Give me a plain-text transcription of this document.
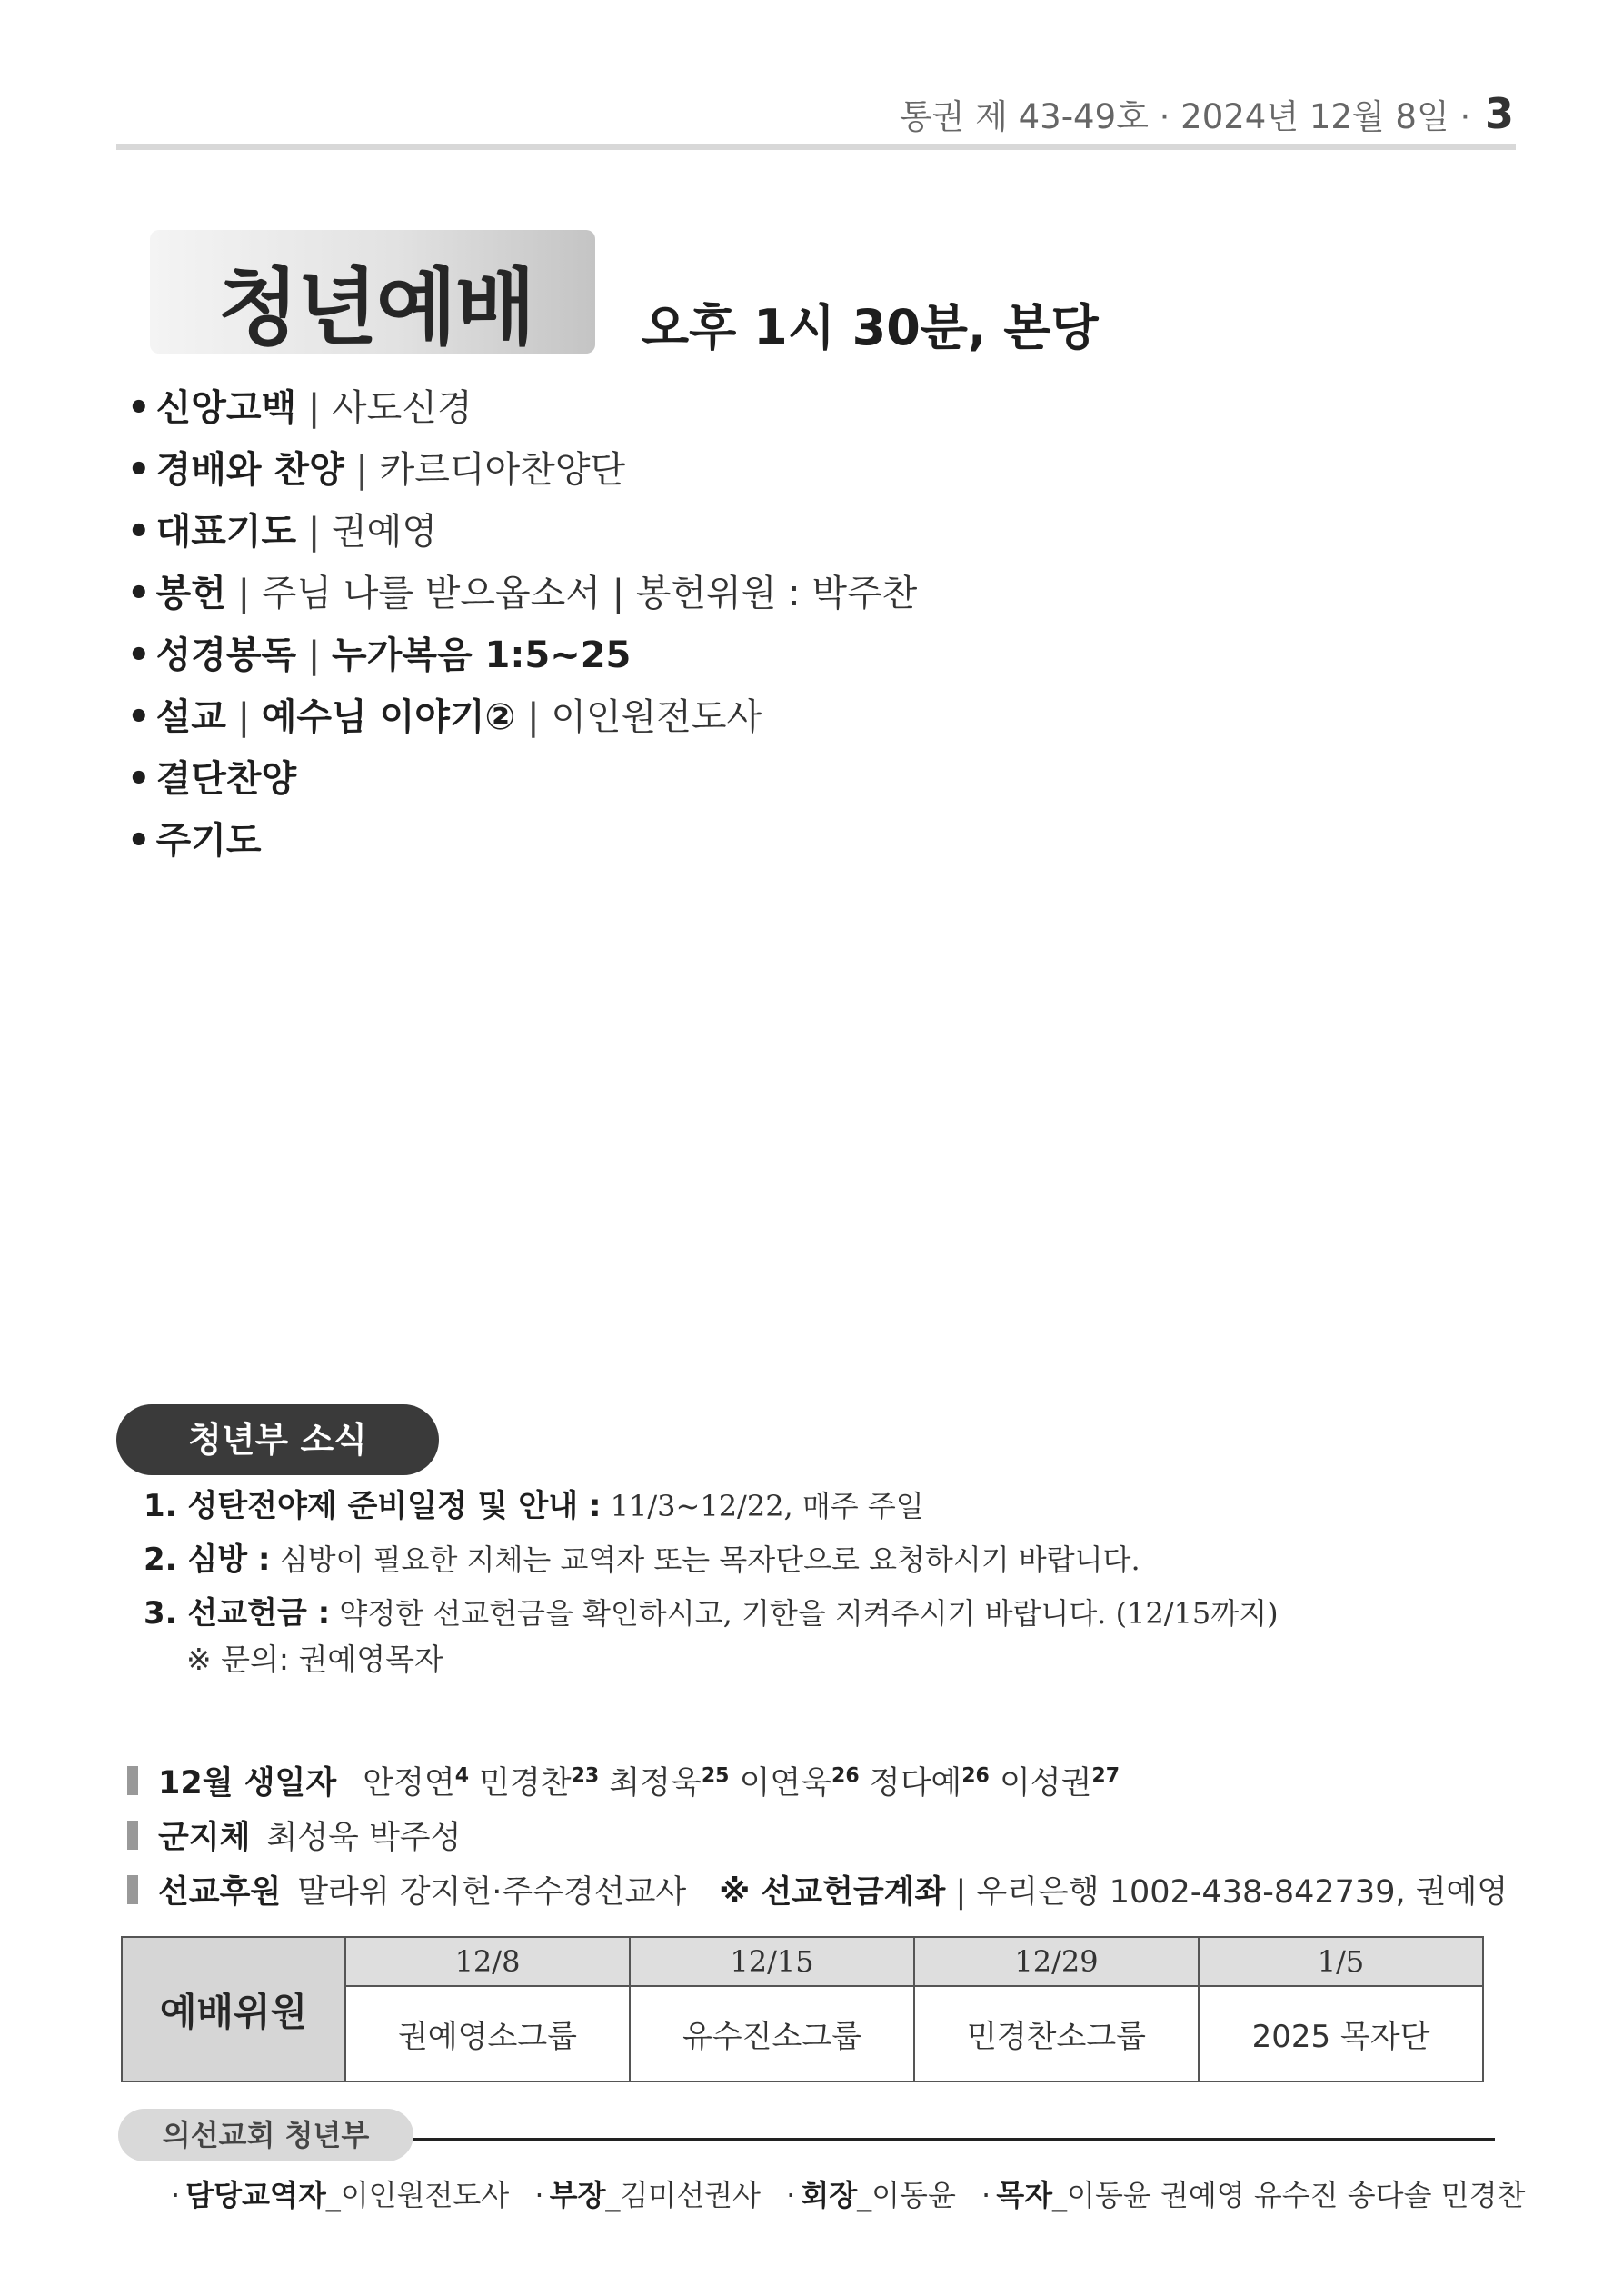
통권 제 43-49호 · 2024년 12월 8일 · 3
청년예배 오후 1시 30분, 본당
• 신앙고백 | 사도신경
• 경배와 찬양 | 카르디아찬양단
• 대표기도 | 권예영
• 봉헌 | 주님 나를 받으옵소서 | 봉헌위원 : 박주찬
• 성경봉독 | 누가복음 1:5~25
• 설교 | 예수님 이야기② | 이인원전도사
• 결단찬양
• 주기도
청년부 소식
1. 성탄전야제 준비일정 및 안내 : 11/3~12/22, 매주 주일
2. 심방 : 심방이 필요한 지체는 교역자 또는 목자단으로 요청하시기 바랍니다.
3. 선교헌금 : 약정한 선교헌금을 확인하시고, 기한을 지켜주시기 바랍니다. (12/15까지)
※ 문의: 권예영목자
12월 생일자 안정연$^4$ 민경찬$^{23}$ 최정욱$^{25}$ 이연욱$^{26}$ 정다예$^{26}$ 이성권$^{27}$
군지체 최성욱 박주성
선교후원 말라위 강지헌·주수경선교사 ※ 선교헌금계좌 | 우리은행 1002-438-842739, 권예영
예배위원	12/8	12/15	12/29	1/5
	권예영소그룹	유수진소그룹	민경찬소그룹	2025 목자단
의선교회 청년부
· 담당교역자_이인원전도사 · 부장_김미선권사 · 회장_이동윤 · 목자_이동윤 권예영 유수진 송다솔 민경찬
